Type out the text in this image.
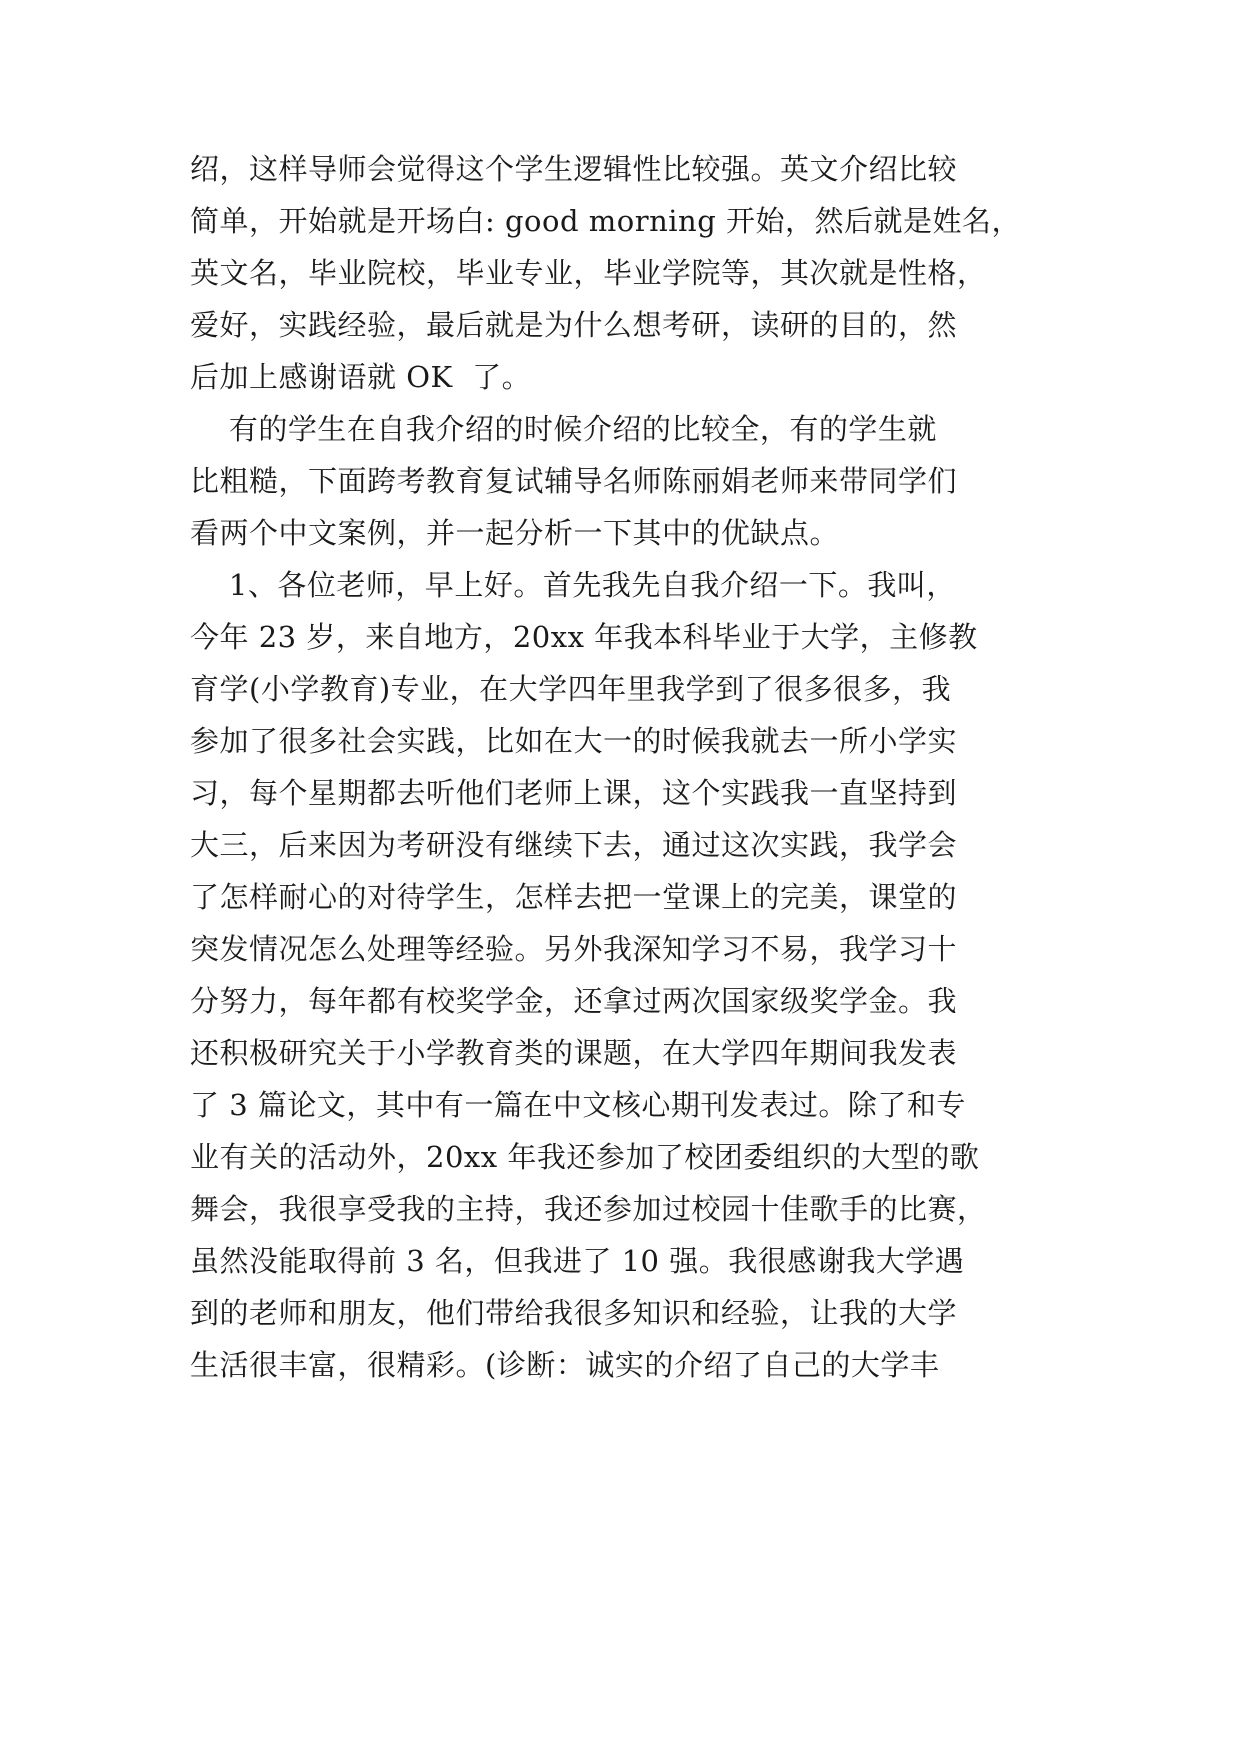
绍，这样导师会觉得这个学生逻辑性比较强。英文介绍比较
简单，开始就是开场白: good morning 开始，然后就是姓名，
英文名，毕业院校，毕业专业，毕业学院等，其次就是性格，
爱好，实践经验，最后就是为什么想考研，读研的目的，然
后加上感谢语就 OK  了。
有的学生在自我介绍的时候介绍的比较全，有的学生就
比粗糙，下面跨考教育复试辅导名师陈丽娟老师来带同学们
看两个中文案例，并一起分析一下其中的优缺点。
1、各位老师，早上好。首先我先自我介绍一下。我叫，
今年 23 岁，来自地方，20xx 年我本科毕业于大学，主修教
育学(小学教育)专业，在大学四年里我学到了很多很多，我
参加了很多社会实践，比如在大一的时候我就去一所小学实
习，每个星期都去听他们老师上课，这个实践我一直坚持到
大三，后来因为考研没有继续下去，通过这次实践，我学会
了怎样耐心的对待学生，怎样去把一堂课上的完美，课堂的
突发情况怎么处理等经验。另外我深知学习不易，我学习十
分努力，每年都有校奖学金，还拿过两次国家级奖学金。我
还积极研究关于小学教育类的课题，在大学四年期间我发表
了 3 篇论文，其中有一篇在中文核心期刊发表过。除了和专
业有关的活动外，20xx 年我还参加了校团委组织的大型的歌
舞会，我很享受我的主持，我还参加过校园十佳歌手的比赛，
虽然没能取得前 3 名，但我进了 10 强。我很感谢我大学遇
到的老师和朋友，他们带给我很多知识和经验，让我的大学
生活很丰富，很精彩。(诊断：诚实的介绍了自己的大学丰
